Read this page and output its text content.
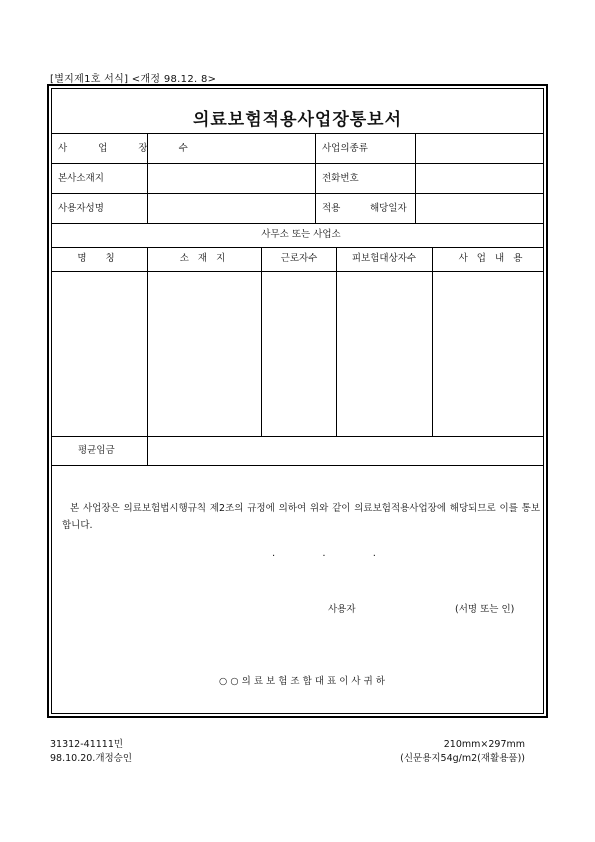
[별지제1호 서식] <개정 98.12. 8>
의료보험적용사업장통보서
사 업 장 수	사업의종류
본사소재지	전화번호
사용자성명	적용	해당일자
사무소 또는 사업소
명 칭	소 재 지	근로자수	피보험대상자수	사 업 내 용
평균임금
본 사업장은 의료보험법시행규칙 제2조의 규정에 의하여 위와 같이 의료보험적용사업장에 해당되므로 이를 통보합니다.
. . .
사용자	(서명 또는 인)
○ ○ 의 료 보 험 조 합 대 표 이 사 귀 하
31312-41111민
98.10.20.개정승인
210mm×297mm
(신문용지54g/m2(재활용품))
